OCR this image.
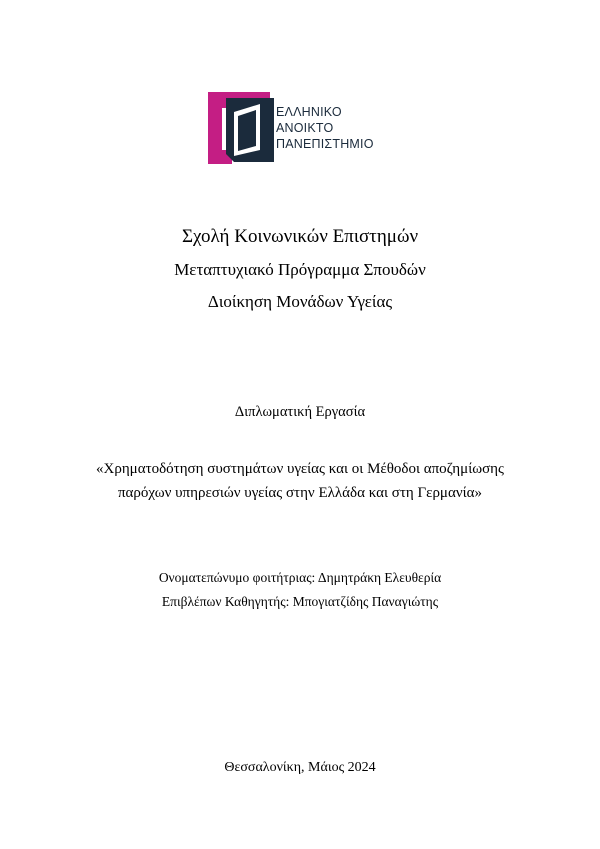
ΕΛΛΗΝΙΚΟ
ΑΝΟΙΚΤΟ
ΠΑΝΕΠΙΣΤΗΜΙΟ
Σχολή Κοινωνικών Επιστημών
Μεταπτυχιακό Πρόγραμμα Σπουδών
Διοίκηση Μονάδων Υγείας
Διπλωματική Εργασία
«Χρηματοδότηση συστημάτων υγείας και οι Μέθοδοι αποζημίωσης
παρόχων υπηρεσιών υγείας στην Ελλάδα και στη Γερμανία»
Ονοματεπώνυμο φοιτήτριας: Δημητράκη Ελευθερία
Επιβλέπων Καθηγητής: Μπογιατζίδης Παναγιώτης
Θεσσαλονίκη, Μάιος 2024
